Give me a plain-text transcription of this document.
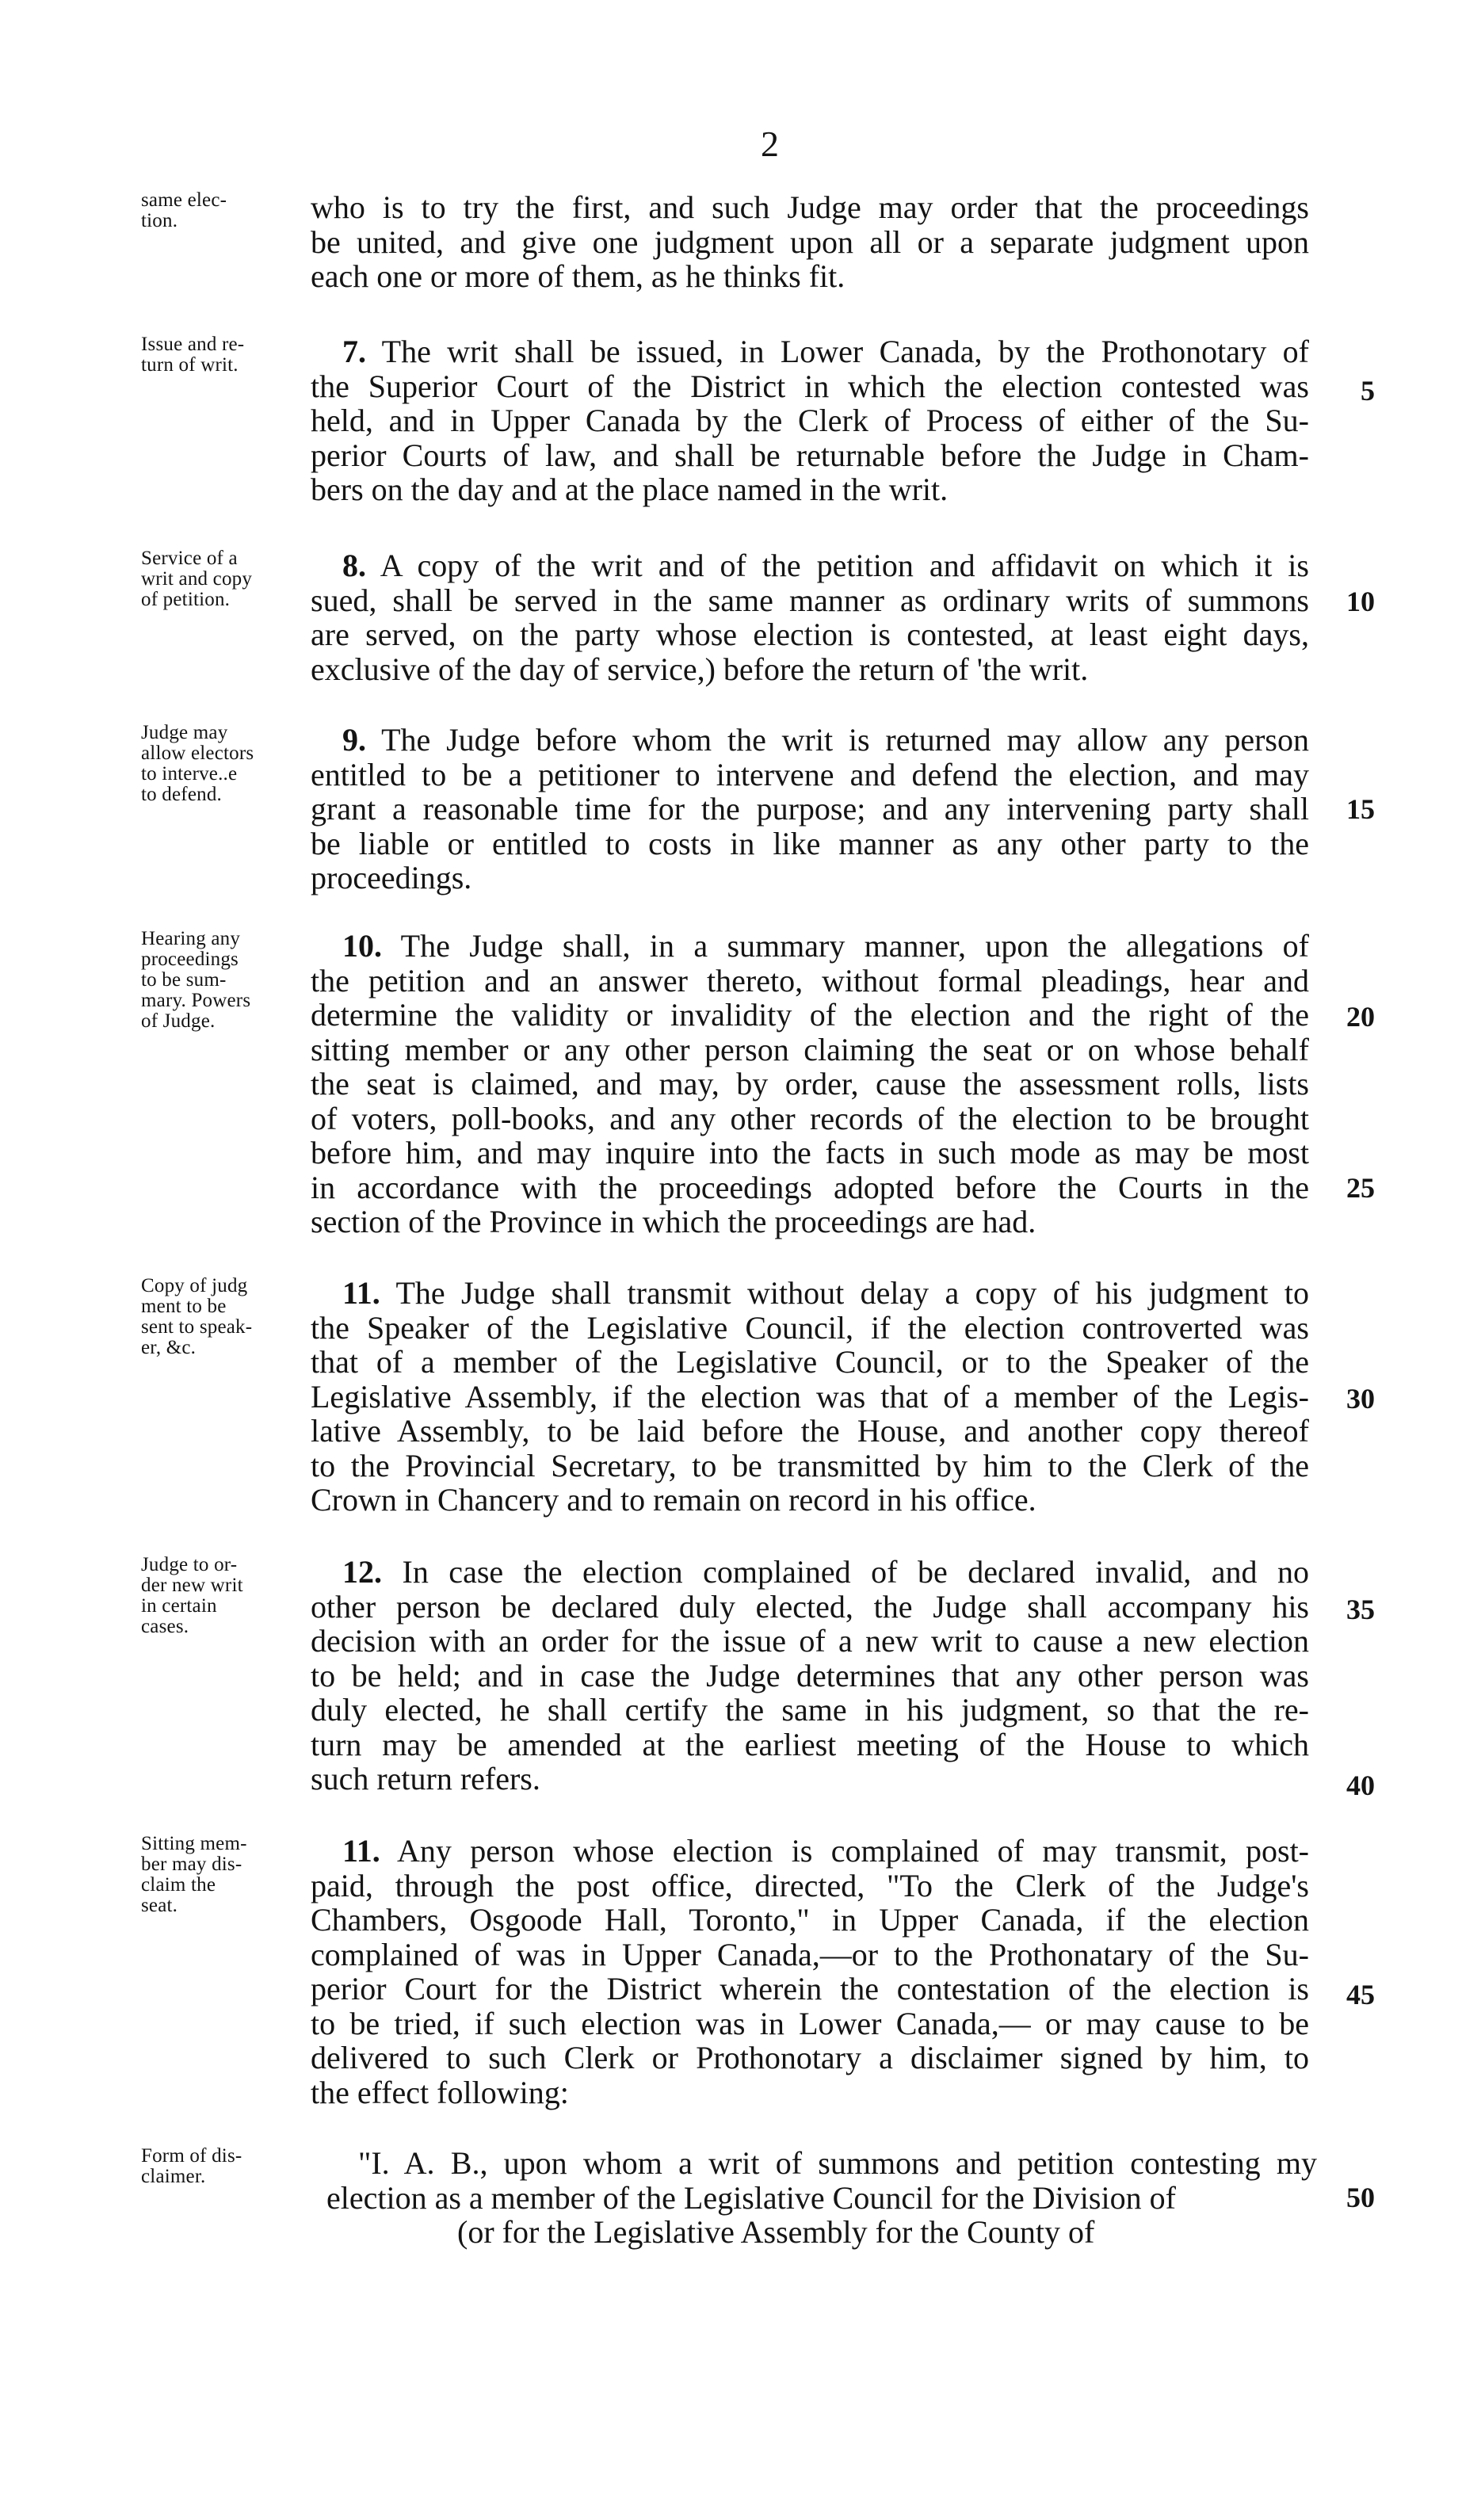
2
same elec-
tion.	who is to try the first, and such Judge may order that the proceedings
be united, and give one judgment upon all or a separate judgment upon
each one or more of them, as he thinks fit.
Issue and re-
turn of writ.	7. The writ shall be issued, in Lower Canada, by the Prothonotary of
the Superior Court of the District in which the election contested was
held, and in Upper Canada by the Clerk of Process of either of the Su-
perior Courts of law, and shall be returnable before the Judge in Cham-
bers on the day and at the place named in the writ.
Service of a
writ and copy
of petition.
8. A copy of the writ and of the petition and affidavit on which it is
sued, shall be served in the same manner as ordinary writs of summons
are served, on the party whose election is contested, at least eight days,
exclusive of the day of service,) before the return of 'the writ.
Judge may
allow electors
to interve..e
to defend.
9. The Judge before whom the writ is returned may allow any person
entitled to be a petitioner to intervene and defend the election, and may
grant a reasonable time for the purpose; and any intervening party shall
be liable or entitled to costs in like manner as any other party to the
proceedings.
Hearing any
proceedings
to be sum-
mary. Powers
of Judge.
10. The Judge shall, in a summary manner, upon the allegations of
the petition and an answer thereto, without formal pleadings, hear and
determine the validity or invalidity of the election and the right of the
sitting member or any other person claiming the seat or on whose behalf
the seat is claimed, and may, by order, cause the assessment rolls, lists
of voters, poll-books, and any other records of the election to be brought
before him, and may inquire into the facts in such mode as may be most
in accordance with the proceedings adopted before the Courts in the
section of the Province in which the proceedings are had.
Copy of judg
ment to be
sent to speak-
er, &c.
11. The Judge shall transmit without delay a copy of his judgment to
the Speaker of the Legislative Council, if the election controverted was
that of a member of the Legislative Council, or to the Speaker of the
Legislative Assembly, if the election was that of a member of the Legis-
lative Assembly, to be laid before the House, and another copy thereof
to the Provincial Secretary, to be transmitted by him to the Clerk of the
Crown in Chancery and to remain on record in his office.
Judge to or-
der new writ
in certain
cases.
12. In case the election complained of be declared invalid, and no
other person be declared duly elected, the Judge shall accompany his
decision with an order for the issue of a new writ to cause a new election
to be held; and in case the Judge determines that any other person was
duly elected, he shall certify the same in his judgment, so that the re-
turn may be amended at the earliest meeting of the House to which
such return refers.
Sitting mem-
ber may dis-
claim the
seat.
11. Any person whose election is complained of may transmit, post-
paid, through the post office, directed, "To the Clerk of the Judge's
Chambers, Osgoode Hall, Toronto," in Upper Canada, if the election
complained of was in Upper Canada,—or to the Prothonatary of the Su-
perior Court for the District wherein the contestation of the election is
to be tried, if such election was in Lower Canada,— or may cause to be
delivered to such Clerk or Prothonotary a disclaimer signed by him, to
the effect following:
Form of dis-
claimer.	"I. A. B., upon whom a writ of summons and petition contesting my
election as a member of the Legislative Council for the Division of
(or for the Legislative Assembly for the County of
5
10
15
20
25
30
35
40
45
50
